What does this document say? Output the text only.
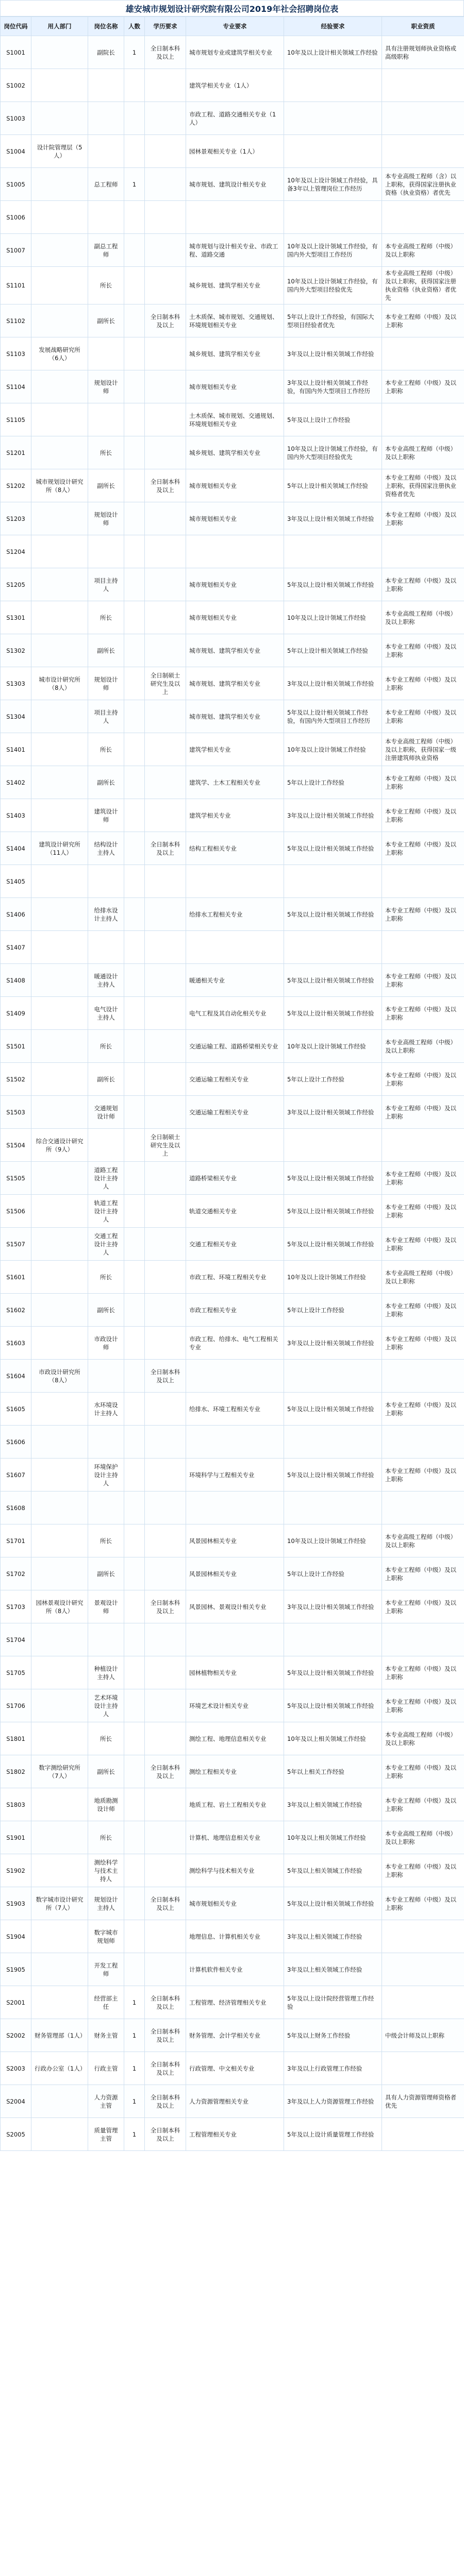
雄安城市规划设计研究院有限公司2019年社会招聘岗位表
岗位代码	用人部门	岗位名称	人数	学历要求	专业要求	经验要求	职业资质
S1001		副院长	1	全日制本科及以上	城市规划专业或建筑学相关专业	10年及以上设计相关领域工作经验	具有注册规划师执业资格或高级职称
S1002					建筑学相关专业（1人）		
S1003					市政工程、道路交通相关专业（1人）		
S1004	设计院管理层（5人）				园林景观相关专业（1人）		
S1005		总工程师	1		城市规划、建筑设计相关专业	10年及以上设计领域工作经验，具备3年以上管理岗位工作经历	本专业高级工程师（含）以上职称，获得国家注册执业资格（执业资格）者优先
S1006							
S1007		副总工程师			城市规划与设计相关专业、市政工程、道路交通	10年及以上设计领域工作经验，有国内外大型项目工作经历	本专业高级工程师（中级）及以上职称
S1101		所长			城乡规划、建筑学相关专业	10年及以上设计领域工作经验，有国内外大型项目经验优先	本专业高级工程师（中级）及以上职称，获得国家注册执业资格（执业资格）者优先
S1102		副所长		全日制本科及以上	土木质保、城市规划、交通规划、环境规划相关专业	5年以上设计工作经验，有国际大型项目经验者优先	本专业工程师（中级）及以上职称
S1103	发展战略研究所（6人）				城乡规划、建筑学相关专业	3年及以上设计相关领域工作经验	
S1104		规划设计师			城市规划相关专业	3年及以上设计相关领域工作经验，有国内外大型项目工作经历	本专业工程师（中级）及以上职称
S1105					土木质保、城市规划、交通规划、环境规划相关专业	5年及以上设计工作经验	
S1201		所长			城乡规划、建筑学相关专业	10年及以上设计领域工作经验，有国内外大型项目经验优先	本专业高级工程师（中级）及以上职称
S1202	城市规划设计研究所（8人）	副所长		全日制本科及以上	城市规划相关专业	5年以上设计相关领域工作经验	本专业工程师（中级）及以上职称，获得国家注册执业资格者优先
S1203		规划设计师			城市规划相关专业	3年及以上设计相关领域工作经验	本专业工程师（中级）及以上职称
S1204							
S1205		项目主持人			城市规划相关专业	5年及以上设计相关领域工作经验	本专业工程师（中级）及以上职称
S1301		所长			城市规划相关专业	10年及以上设计领域工作经验	本专业高级工程师（中级）及以上职称
S1302		副所长			城市规划、建筑学相关专业	5年以上设计相关领域工作经验	本专业工程师（中级）及以上职称
S1303	城市设计研究所（8人）	规划设计师		全日制硕士研究生及以上	城市规划、建筑学相关专业	3年及以上设计相关领域工作经验	本专业工程师（中级）及以上职称
S1304		项目主持人			城市规划、建筑学相关专业	5年及以上设计相关领域工作经验，有国内外大型项目工作经历	本专业工程师（中级）及以上职称
S1401		所长			建筑学相关专业	10年及以上设计领域工作经验	本专业高级工程师（中级）及以上职称，获得国家一级注册建筑师执业资格
S1402		副所长			建筑学、土木工程相关专业	5年以上设计工作经验	本专业工程师（中级）及以上职称
S1403		建筑设计师			建筑学相关专业	3年及以上设计相关领域工作经验	本专业工程师（中级）及以上职称
S1404	建筑设计研究所（11人）	结构设计主持人		全日制本科及以上	结构工程相关专业	5年及以上设计相关领域工作经验	本专业工程师（中级）及以上职称
S1405							
S1406		给排水设计主持人			给排水工程相关专业	5年及以上设计相关领域工作经验	本专业工程师（中级）及以上职称
S1407							
S1408		暖通设计主持人			暖通相关专业	5年及以上设计相关领域工作经验	本专业工程师（中级）及以上职称
S1409		电气设计主持人			电气工程及其自动化相关专业	5年及以上设计相关领域工作经验	本专业工程师（中级）及以上职称
S1501		所长			交通运输工程、道路桥梁相关专业	10年及以上设计领域工作经验	本专业高级工程师（中级）及以上职称
S1502		副所长			交通运输工程相关专业	5年以上设计工作经验	本专业工程师（中级）及以上职称
S1503		交通规划设计师			交通运输工程相关专业	3年及以上设计相关领域工作经验	本专业工程师（中级）及以上职称
S1504	综合交通设计研究所（9人）			全日制硕士研究生及以上			
S1505		道路工程设计主持人			道路桥梁相关专业	5年及以上设计相关领域工作经验	本专业工程师（中级）及以上职称
S1506		轨道工程设计主持人			轨道交通相关专业	5年及以上设计相关领域工作经验	本专业工程师（中级）及以上职称
S1507		交通工程设计主持人			交通工程相关专业	5年及以上设计相关领域工作经验	本专业工程师（中级）及以上职称
S1601		所长			市政工程、环境工程相关专业	10年及以上设计领域工作经验	本专业高级工程师（中级）及以上职称
S1602		副所长			市政工程相关专业	5年以上设计工作经验	本专业工程师（中级）及以上职称
S1603		市政设计师			市政工程、给排水、电气工程相关专业	3年及以上设计相关领域工作经验	本专业工程师（中级）及以上职称
S1604	市政设计研究所（8人）			全日制本科及以上			
S1605		水环境设计主持人			给排水、环境工程相关专业	5年及以上设计相关领域工作经验	本专业工程师（中级）及以上职称
S1606							
S1607		环境保护设计主持人			环境科学与工程相关专业	5年及以上设计相关领域工作经验	本专业工程师（中级）及以上职称
S1608							
S1701		所长			风景园林相关专业	10年及以上设计领域工作经验	本专业高级工程师（中级）及以上职称
S1702		副所长			风景园林相关专业	5年以上设计工作经验	本专业工程师（中级）及以上职称
S1703	园林景观设计研究所（8人）	景观设计师		全日制本科及以上	风景园林、景观设计相关专业	3年及以上设计相关领域工作经验	本专业工程师（中级）及以上职称
S1704							
S1705		种植设计主持人			园林植物相关专业	5年及以上设计相关领域工作经验	本专业工程师（中级）及以上职称
S1706		艺术环境设计主持人			环境艺术设计相关专业	5年及以上设计相关领域工作经验	本专业工程师（中级）及以上职称
S1801		所长			测绘工程、地理信息相关专业	10年及以上相关领域工作经验	本专业高级工程师（中级）及以上职称
S1802	数字测绘研究所（7人）	副所长		全日制本科及以上	测绘工程相关专业	5年以上相关工作经验	本专业工程师（中级）及以上职称
S1803		地质勘测设计师			地质工程、岩土工程相关专业	3年及以上相关领域工作经验	本专业工程师（中级）及以上职称
S1901		所长			计算机、地理信息相关专业	10年及以上相关领域工作经验	本专业高级工程师（中级）及以上职称
S1902		测绘科学与技术主持人			测绘科学与技术相关专业	5年及以上相关领域工作经验	本专业工程师（中级）及以上职称
S1903	数字城市设计研究所（7人）	规划设计主持人		全日制本科及以上	城市规划相关专业	5年及以上设计相关领域工作经验	本专业工程师（中级）及以上职称
S1904		数字城市规划师			地理信息、计算机相关专业	3年及以上相关领域工作经验	
S1905		开发工程师			计算机软件相关专业	3年及以上相关领域工作经验	
S2001		经营部主任	1	全日制本科及以上	工程管理、经济管理相关专业	5年及以上设计院经营管理工作经验	
S2002	财务管理部（1人）	财务主管	1	全日制本科及以上	财务管理、会计学相关专业	5年及以上财务工作经验	中级会计师及以上职称
S2003	行政办公室（1人）	行政主管	1	全日制本科及以上	行政管理、中文相关专业	3年及以上行政管理工作经验	
S2004		人力资源主管	1	全日制本科及以上	人力资源管理相关专业	3年及以上人力资源管理工作经验	具有人力资源管理师资格者优先
S2005		质量管理主管	1	全日制本科及以上	工程管理相关专业	5年及以上设计质量管理工作经验	
